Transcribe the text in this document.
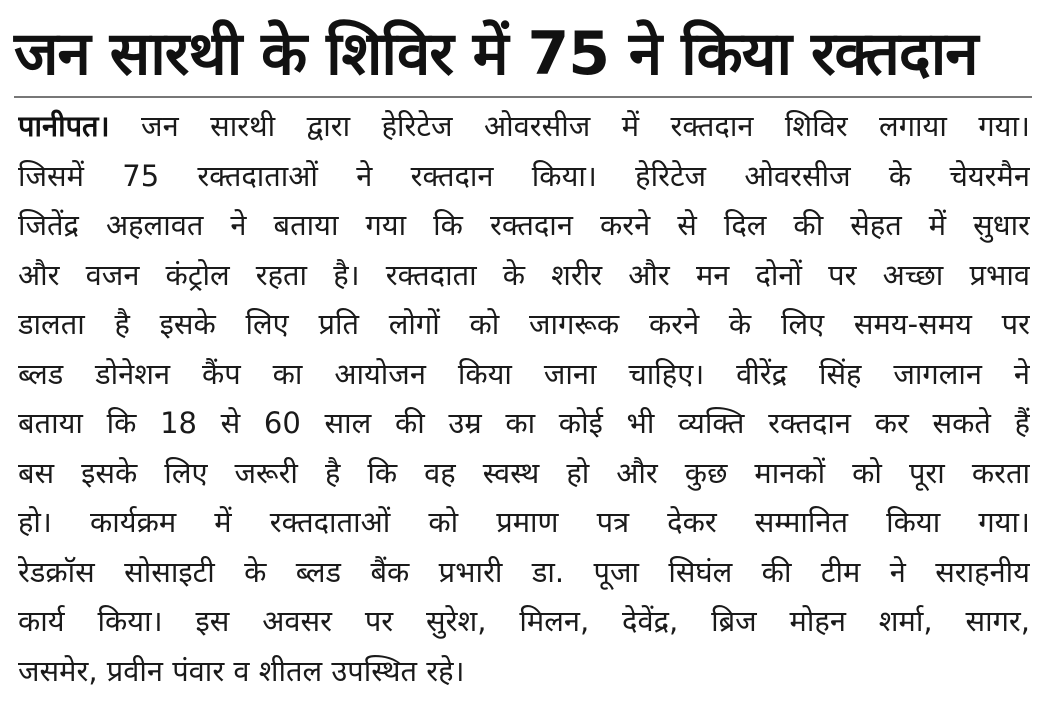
जन सारथी के शिविर में 75 ने किया रक्तदान
पानीपत। जन सारथी द्वारा हेरिटेज ओवरसीज में रक्तदान शिविर लगाया गया।
जिसमें 75 रक्तदाताओं ने रक्तदान किया। हेरिटेज ओवरसीज के चेयरमैन
जितेंद्र अहलावत ने बताया गया कि रक्तदान करने से दिल की सेहत में सुधार
और वजन कंट्रोल रहता है। रक्तदाता के शरीर और मन दोनों पर अच्छा प्रभाव
डालता है इसके लिए प्रति लोगों को जागरूक करने के लिए समय-समय पर
ब्लड डोनेशन कैंप का आयोजन किया जाना चाहिए। वीरेंद्र सिंह जागलान ने
बताया कि 18 से 60 साल की उम्र का कोई भी व्यक्ति रक्तदान कर सकते हैं
बस इसके लिए जरूरी है कि वह स्वस्थ हो और कुछ मानकों को पूरा करता
हो। कार्यक्रम में रक्तदाताओं को प्रमाण पत्र देकर सम्मानित किया गया।
रेडक्रॉस सोसाइटी के ब्लड बैंक प्रभारी डा. पूजा सिघंल की टीम ने सराहनीय
कार्य किया। इस अवसर पर सुरेश, मिलन, देवेंद्र, ब्रिज मोहन शर्मा, सागर,
जसमेर, प्रवीन पंवार व शीतल उपस्थित रहे।
